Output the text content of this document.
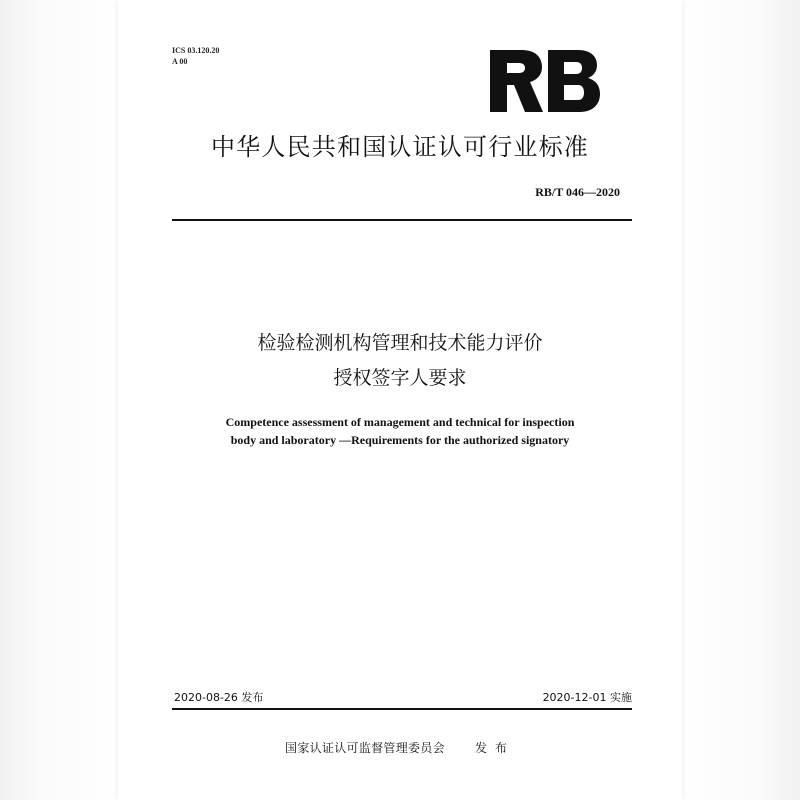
ICS 03.120.20
A 00
中华人民共和国认证认可行业标准
RB/T 046—2020
检验检测机构管理和技术能力评价
授权签字人要求
Competence assessment of management and technical for inspection
body and laboratory —Requirements for the authorized signatory
2020-08-26 发布	2020-12-01 实施
国家认证认可监督管理委员会	发布
